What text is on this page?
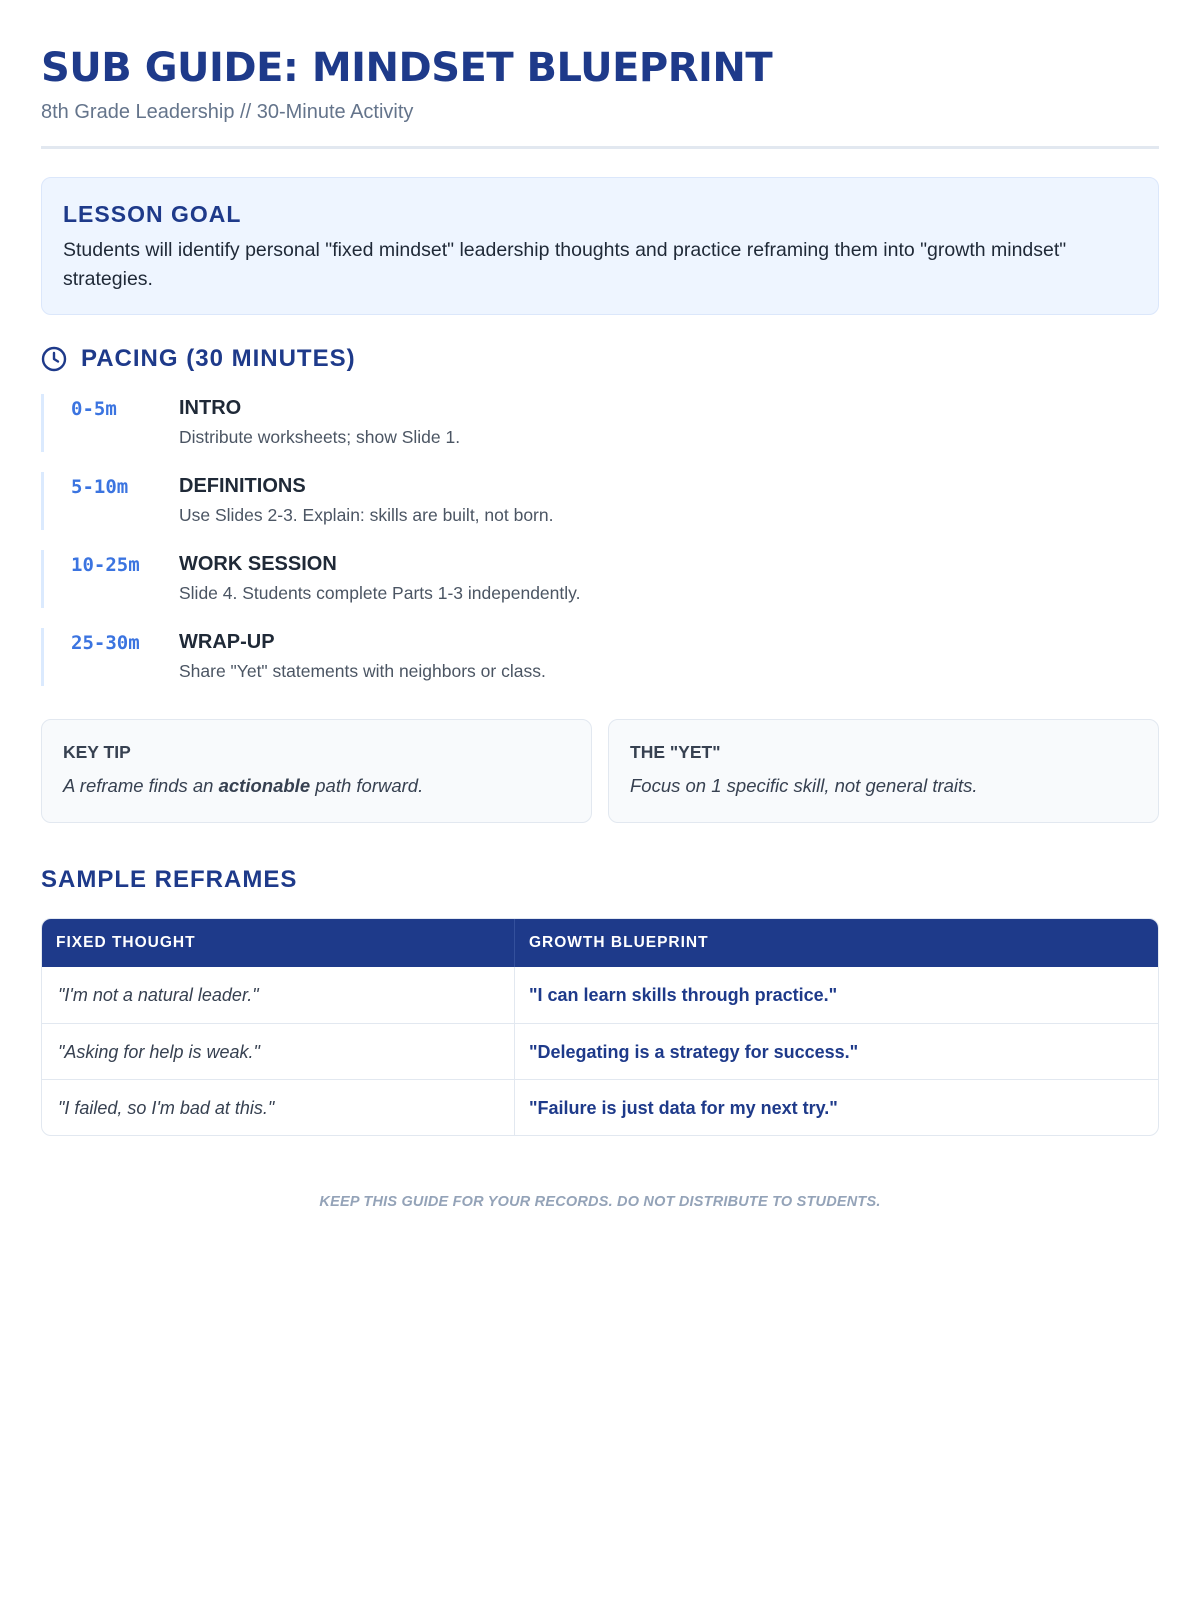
SUB GUIDE: MINDSET BLUEPRINT
8th Grade Leadership // 30-Minute Activity
LESSON GOAL
Students will identify personal "fixed mindset" leadership thoughts and practice reframing them into "growth mindset" strategies.
PACING (30 MINUTES)
0-5m	INTRO
Distribute worksheets; show Slide 1.
5-10m	DEFINITIONS
Use Slides 2-3. Explain: skills are built, not born.
10-25m	WORK SESSION
Slide 4. Students complete Parts 1-3 independently.
25-30m	WRAP-UP
Share "Yet" statements with neighbors or class.
KEY TIP
A reframe finds an actionable path forward.
THE "YET"
Focus on 1 specific skill, not general traits.
SAMPLE REFRAMES
FIXED THOUGHT	GROWTH BLUEPRINT
"I'm not a natural leader."	"I can learn skills through practice."
"Asking for help is weak."	"Delegating is a strategy for success."
"I failed, so I'm bad at this."	"Failure is just data for my next try."
KEEP THIS GUIDE FOR YOUR RECORDS. DO NOT DISTRIBUTE TO STUDENTS.
